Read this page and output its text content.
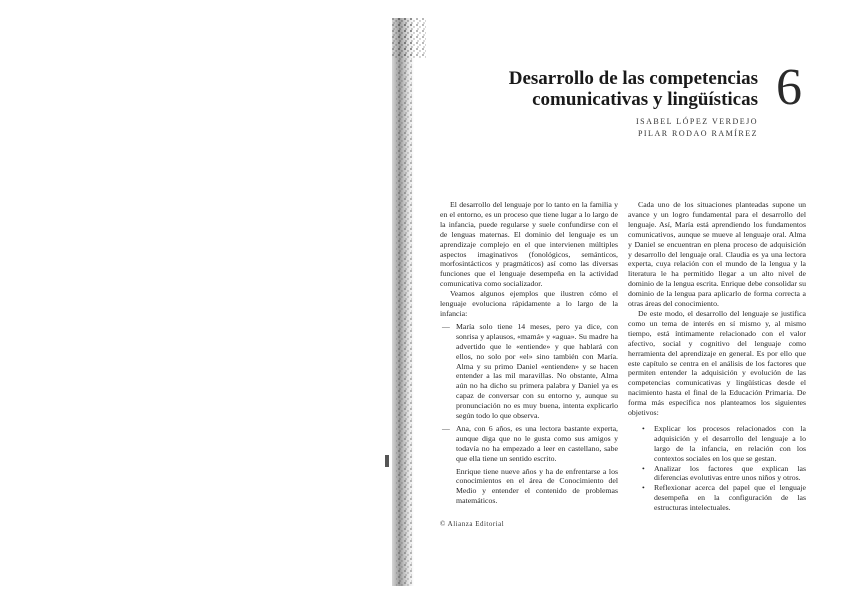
Desarrollo de las competencias
comunicativas y lingüísticas 6
ISABEL LÓPEZ VERDEJO
PILAR RODAO RAMÍREZ

El desarrollo del lenguaje por lo tanto en la familia y en el entorno, es un proceso que tiene lugar a lo largo de la infancia, puede regularse y suele confundirse con el de lenguas maternas. El dominio del lenguaje es un aprendizaje complejo en el que intervienen múltiples aspectos imaginativos (fonológicos, semánticos, morfosintácticos y pragmáticos) así como las diversas funciones que el lenguaje desempeña en la actividad comunicativa como socializador.

Veamos algunos ejemplos que ilustren cómo el lenguaje evoluciona rápidamente a lo largo de la infancia:

— María solo tiene 14 meses, pero ya dice, con sonrisa y aplausos, «mamá» y «agua». Su madre ha advertido que le «entiende» y que hablará con ellos, no solo por «el» sino también con María. Alma y su primo Daniel «entienden» y se hacen entender a las mil maravillas. No obstante, Alma aún no ha dicho su primera palabra y Daniel ya es capaz de conversar con su entorno y, aunque su pronunciación no es muy buena, intenta explicarlo según todo lo que observa.
— Ana, con 6 años, es una lectora bastante experta, aunque diga que no le gusta como sus amigos y todavía no ha empezado a leer en castellano, sabe que ella tiene un sentido escrito.
Enrique tiene nueve años y ha de enfrentarse a los conocimientos en el área de Conocimiento del Medio y entender el contenido de problemas matemáticos.

Cada uno de los situaciones planteadas supone un avance y un logro fundamental para el desarrollo del lenguaje. Así, María está aprendiendo los fundamentos comunicativos, aunque se mueve al lenguaje oral. Alma y Daniel se encuentran en plena proceso de adquisición y desarrollo del lenguaje oral. Claudia es ya una lectora experta, cuya relación con el mundo de la lengua y la literatura le ha permitido llegar a un alto nivel de dominio de la lengua escrita. Enrique debe consolidar su dominio de la lengua para aplicarlo de forma correcta a otras áreas del conocimiento.

De este modo, el desarrollo del lenguaje se justifica como un tema de interés en sí mismo y, al mismo tiempo, está íntimamente relacionado con el valor afectivo, social y cognitivo del lenguaje como herramienta del aprendizaje en general. Es por ello que este capítulo se centra en el análisis de los factores que permiten entender la adquisición y evolución de las competencias comunicativas y lingüísticas desde el nacimiento hasta el final de la Educación Primaria. De forma más específica nos planteamos los siguientes objetivos:

•	Explicar los procesos relacionados con la adquisición y el desarrollo del lenguaje a lo largo de la infancia, en relación con los contextos sociales en los que se gestan.
•	Analizar los factores que explican las diferencias evolutivas entre unos niños y otros.
•	Reflexionar acerca del papel que el lenguaje desempeña en la configuración de las estructuras intelectuales.
© Alianza Editorial
